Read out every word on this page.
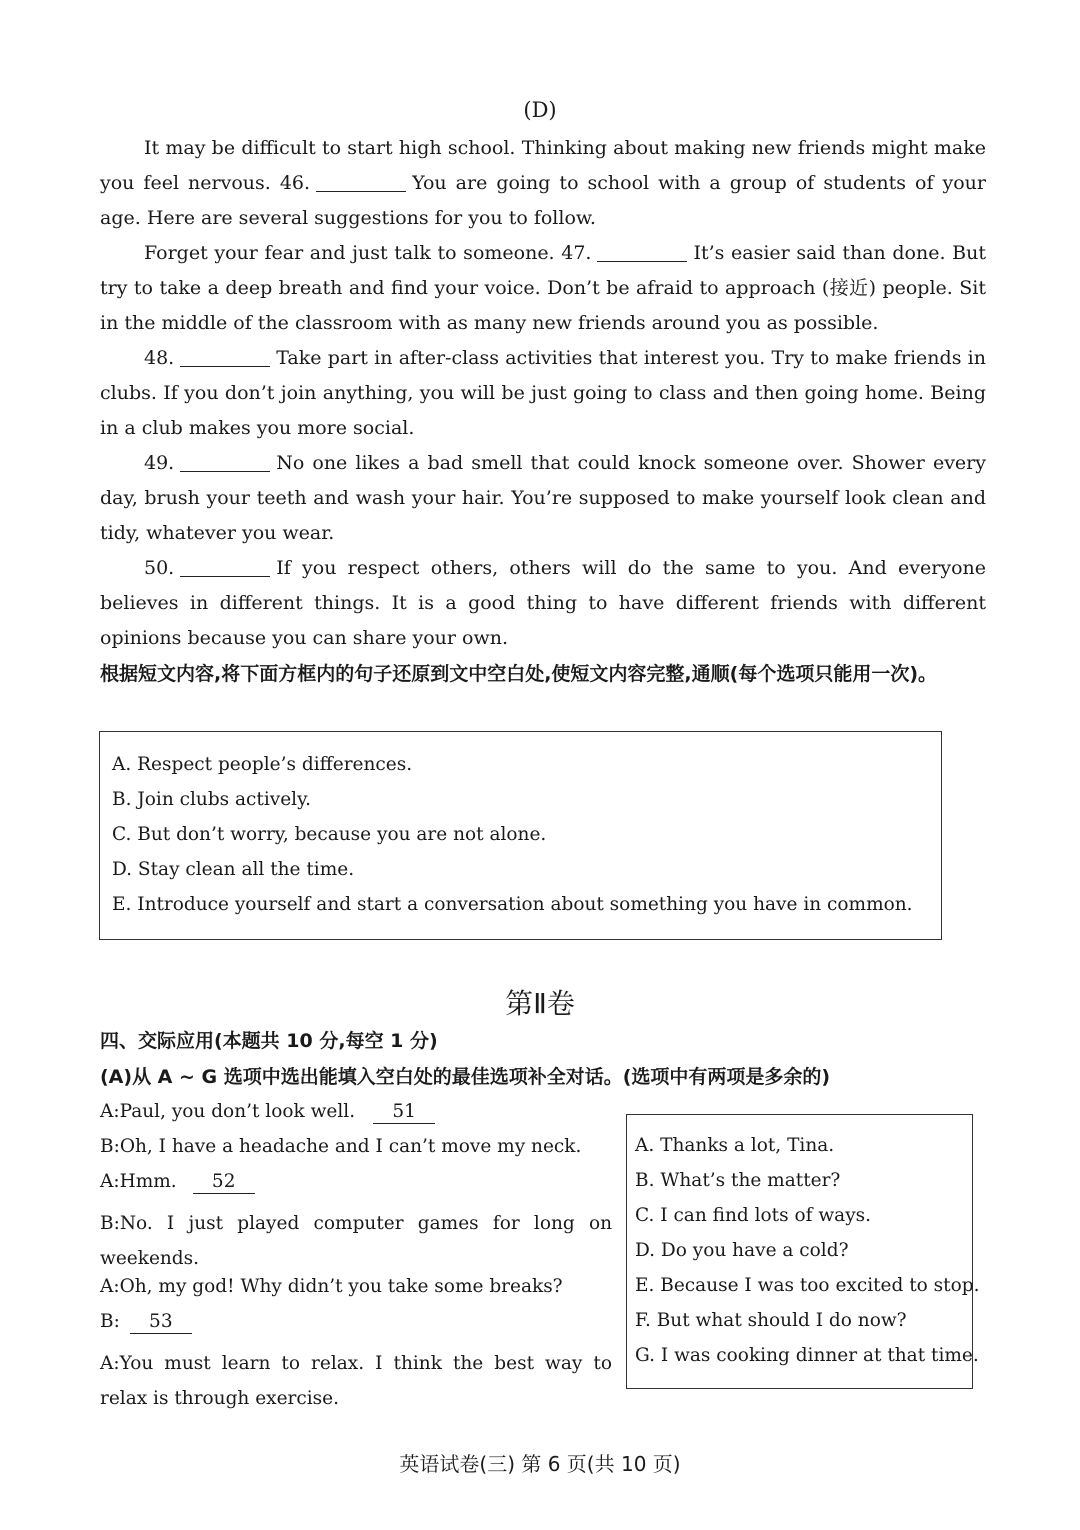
(D)
It may be difficult to start high school. Thinking about making new friends might make you feel nervous. 46.	You are going to school with a group of students of your age. Here are several suggestions for you to follow.
Forget your fear and just talk to someone. 47.	It’s easier said than done. But try to take a deep breath and find your voice. Don’t be afraid to approach (接近) people. Sit in the middle of the classroom with as many new friends around you as possible.
48.	Take part in after-class activities that interest you. Try to make friends in clubs. If you don’t join anything, you will be just going to class and then going home. Being in a club makes you more social.
49.	No one likes a bad smell that could knock someone over. Shower every day, brush your teeth and wash your hair. You’re supposed to make yourself look clean and tidy, whatever you wear.
50.	If you respect others, others will do the same to you. And everyone believes in different things. It is a good thing to have different friends with different opinions because you can share your own.
根据短文内容,将下面方框内的句子还原到文中空白处,使短文内容完整,通顺(每个选项只能用一次)。
A. Respect people’s differences.
B. Join clubs actively.
C. But don’t worry, because you are not alone.
D. Stay clean all the time.
E. Introduce yourself and start a conversation about something you have in common.
第Ⅱ卷
四、交际应用(本题共 10 分,每空 1 分)
(A)从 A ~ G 选项中选出能填入空白处的最佳选项补全对话。(选项中有两项是多余的)
A:Paul, you don’t look well. 51
B:Oh, I have a headache and I can’t move my neck.
A:Hmm. 52
B:No. I just played computer games for long on weekends.
A:Oh, my god! Why didn’t you take some breaks?
B: 53
A:You must learn to relax. I think the best way to relax is through exercise.
A. Thanks a lot, Tina.
B. What’s the matter?
C. I can find lots of ways.
D. Do you have a cold?
E. Because I was too excited to stop.
F. But what should I do now?
G. I was cooking dinner at that time.
英语试卷(三) 第 6 页(共 10 页)
